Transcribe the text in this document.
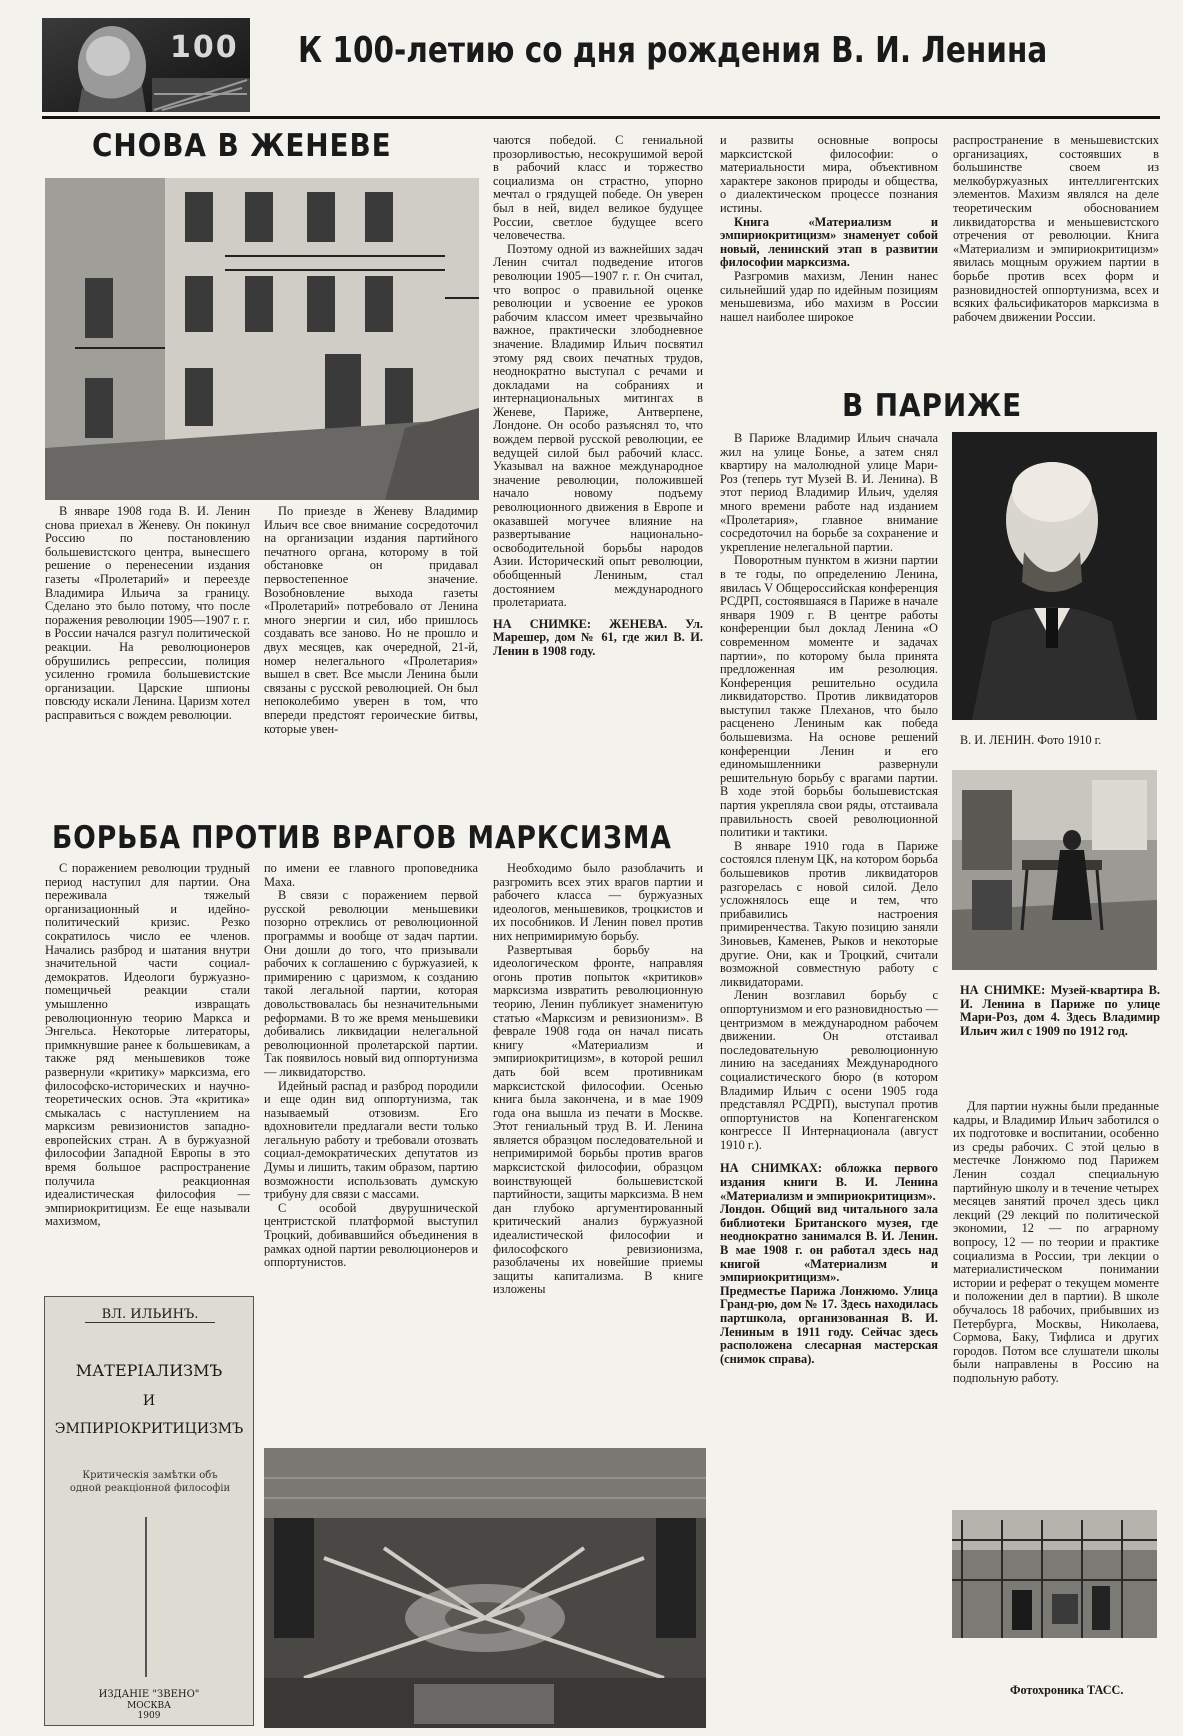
100 К 100-летию со дня рождения В. И. Ленина
СНОВА В ЖЕНЕВЕ

В январе 1908 года В. И. Ленин снова приехал в Женеву. Он покинул Россию по постановлению большевистского центра, вынесшего решение о перенесении издания газеты «Пролетарий» и переезде Владимира Ильича за границу. Сделано это было потому, что после поражения революции 1905—1907 г. г. в России начался разгул политической реакции. На революционеров обрушились репрессии, полиция усиленно громила большевистские организации. Царские шпионы повсюду искали Ленина. Царизм хотел расправиться с вождем революции.

По приезде в Женеву Владимир Ильич все свое внимание сосредоточил на организации издания партийного печатного органа, которому в той обстановке он придавал первостепенное значение. Возобновление выхода газеты «Пролетарий» потребовало от Ленина много энергии и сил, ибо пришлось создавать все заново. Но не прошло и двух месяцев, как очередной, 21-й, номер нелегального «Пролетария» вышел в свет. Все мысли Ленина были связаны с русской революцией. Он был непоколебимо уверен в том, что впереди предстоят героические битвы, которые увен-

чаются победой. С гениальной прозорливостью, несокрушимой верой в рабочий класс и торжество социализма он страстно, упорно мечтал о грядущей победе. Он уверен был в ней, видел великое будущее России, светлое будущее всего человечества.

Поэтому одной из важнейших задач Ленин считал подведение итогов революции 1905—1907 г. г. Он считал, что вопрос о правильной оценке революции и усвоение ее уроков рабочим классом имеет чрезвычайно важное, практически злободневное значение. Владимир Ильич посвятил этому ряд своих печатных трудов, неоднократно выступал с речами и докладами на собраниях и интернациональных митингах в Женеве, Париже, Антверпене, Лондоне. Он особо разъяснял то, что вождем первой русской революции, ее ведущей силой был рабочий класс. Указывал на важное международное значение революции, положившей начало новому подъему революционного движения в Европе и оказавшей могучее влияние на развертывание национально-освободительной борьбы народов Азии. Исторический опыт революции, обобщенный Лениным, стал достоянием международного пролетариата.

НА СНИМКЕ: ЖЕНЕВА. Ул. Марешер, дом № 61, где жил В. И. Ленин в 1908 году.

и развиты основные вопросы марксистской философии: о материальности мира, объективном характере законов природы и общества, о диалектическом процессе познания истины.

Книга «Материализм и эмпириокритицизм» знаменует собой новый, ленинский этап в развитии философии марксизма.

Разгромив махизм, Ленин нанес сильнейший удар по идейным позициям меньшевизма, ибо махизм в России нашел наиболее широкое

распространение в меньшевистских организациях, состоявших в большинстве своем из мелкобуржуазных интеллигентских элементов. Махизм являлся на деле теоретическим обоснованием ликвидаторства и меньшевистского отречения от революции. Книга «Материализм и эмпириокритицизм» явилась мощным оружием партии в борьбе против всех форм и разновидностей оппортунизма, всех и всяких фальсификаторов марксизма в рабочем движении России.

В ПАРИЖЕ

В Париже Владимир Ильич сначала жил на улице Бонье, а затем снял квартиру на малолюдной улице Мари-Роз (теперь тут Музей В. И. Ленина). В этот период Владимир Ильич, уделяя много времени работе над изданием «Пролетария», главное внимание сосредоточил на борьбе за сохранение и укрепление нелегальной партии.

Поворотным пунктом в жизни партии в те годы, по определению Ленина, явилась V Общероссийская конференция РСДРП, состоявшаяся в Париже в начале января 1909 г. В центре работы конференции был доклад Ленина «О современном моменте и задачах партии», по которому была принята предложенная им резолюция. Конференция решительно осудила ликвидаторство. Против ликвидаторов выступил также Плеханов, что было расценено Лениным как победа большевизма. На основе решений конференции Ленин и его единомышленники развернули решительную борьбу с врагами партии. В ходе этой борьбы большевистская партия укрепляла свои ряды, отстаивала правильность своей революционной политики и тактики.

В январе 1910 года в Париже состоялся пленум ЦК, на котором борьба большевиков против ликвидаторов разгорелась с новой силой. Дело усложнялось еще и тем, что прибавились настроения примиренчества. Такую позицию заняли Зиновьев, Каменев, Рыков и некоторые другие. Они, как и Троцкий, считали возможной совместную работу с ликвидаторами.

Ленин возглавил борьбу с оппортунизмом и его разновидностью — центризмом в международном рабочем движении. Он отстаивал последовательную революционную линию на заседаниях Международного социалистического бюро (в котором Владимир Ильич с осени 1905 года представлял РСДРП), выступал против оппортунистов на Копенгагенском конгрессе II Интернационала (август 1910 г.).

НА СНИМКАХ: обложка первого издания книги В. И. Ленина «Материализм и эмпириокритицизм».

Лондон. Общий вид читального зала библиотеки Британского музея, где неоднократно занимался В. И. Ленин. В мае 1908 г. он работал здесь над книгой «Материализм и эмпириокритицизм».

Предместье Парижа Лонжюмо. Улица Гранд-рю, дом № 17. Здесь находилась партшкола, организованная В. И. Лениным в 1911 году. Сейчас здесь расположена слесарная мастерская (снимок справа).

В. И. ЛЕНИН. Фото 1910 г.

НА СНИМКЕ: Музей-квартира В. И. Ленина в Париже по улице Мари-Роз, дом 4. Здесь Владимир Ильич жил с 1909 по 1912 год.

Для партии нужны были преданные кадры, и Владимир Ильич заботился о их подготовке и воспитании, особенно из среды рабочих. С этой целью в местечке Лонжюмо под Парижем Ленин создал специальную партийную школу и в течение четырех месяцев занятий прочел здесь цикл лекций (29 лекций по политической экономии, 12 — по аграрному вопросу, 12 — по теории и практике социализма в России, три лекции о материалистическом понимании истории и реферат о текущем моменте и положении дел в партии). В школе обучалось 18 рабочих, прибывших из Петербурга, Москвы, Николаева, Сормова, Баку, Тифлиса и других городов. Потом все слушатели школы были направлены в Россию на подпольную работу.

Фотохроника ТАСС.
БОРЬБА ПРОТИВ ВРАГОВ МАРКСИЗМА

С поражением революции трудный период наступил для партии. Она переживала тяжелый организационный и идейно-политический кризис. Резко сократилось число ее членов. Начались разброд и шатания внутри значительной части социал-демократов. Идеологи буржуазно-помещичьей реакции стали умышленно извращать революционную теорию Маркса и Энгельса. Некоторые литераторы, примкнувшие ранее к большевикам, а также ряд меньшевиков тоже развернули «критику» марксизма, его философско-исторических и научно-теоретических основ. Эта «критика» смыкалась с наступлением на марксизм ревизионистов западно-европейских стран. А в буржуазной философии Западной Европы в это время большое распространение получила реакционная идеалистическая философия — эмпириокритицизм. Ее еще называли махизмом,

по имени ее главного проповедника Маха.

В связи с поражением первой русской революции меньшевики позорно отреклись от революционной программы и вообще от задач партии. Они дошли до того, что призывали рабочих к соглашению с буржуазией, к примирению с царизмом, к созданию такой легальной партии, которая довольствовалась бы незначительными реформами. В то же время меньшевики добивались ликвидации нелегальной революционной пролетарской партии. Так появилось новый вид оппортунизма — ликвидаторство.

Идейный распад и разброд породили и еще один вид оппортунизма, так называемый отзовизм. Его вдохновители предлагали вести только легальную работу и требовали отозвать социал-демократических депутатов из Думы и лишить, таким образом, партию возможности использовать думскую трибуну для связи с массами.

С особой двурушнической центристской платформой выступил Троцкий, добивавшийся объединения в рамках одной партии революционеров и оппортунистов.

Необходимо было разоблачить и разгромить всех этих врагов партии и рабочего класса — буржуазных идеологов, меньшевиков, троцкистов и их пособников. И Ленин повел против них непримиримую борьбу.

Развертывая борьбу на идеологическом фронте, направляя огонь против попыток «критиков» марксизма извратить революционную теорию, Ленин публикует знаменитую статью «Марксизм и ревизионизм». В феврале 1908 года он начал писать книгу «Материализм и эмпириокритицизм», в которой решил дать бой всем противникам марксистской философии. Осенью книга была закончена, и в мае 1909 года она вышла из печати в Москве. Этот гениальный труд В. И. Ленина является образцом последовательной и непримиримой борьбы против врагов марксистской философии, образцом воинствующей большевистской партийности, защиты марксизма. В нем дан глубоко аргументированный критический анализ буржуазной идеалистической философии и философского ревизионизма, разоблачены их новейшие приемы защиты капитализма. В книге изложены

ВЛ. ИЛЬИНЪ.
МАТЕРIАЛИЗМЪ
И
ЭМПИРIОКРИТИЦИЗМЪ
Критическiя замѣтки объ одной реакцiонной философiи
ИЗДАНIЕ "ЗВЕНО"
МОСКВА
1909
